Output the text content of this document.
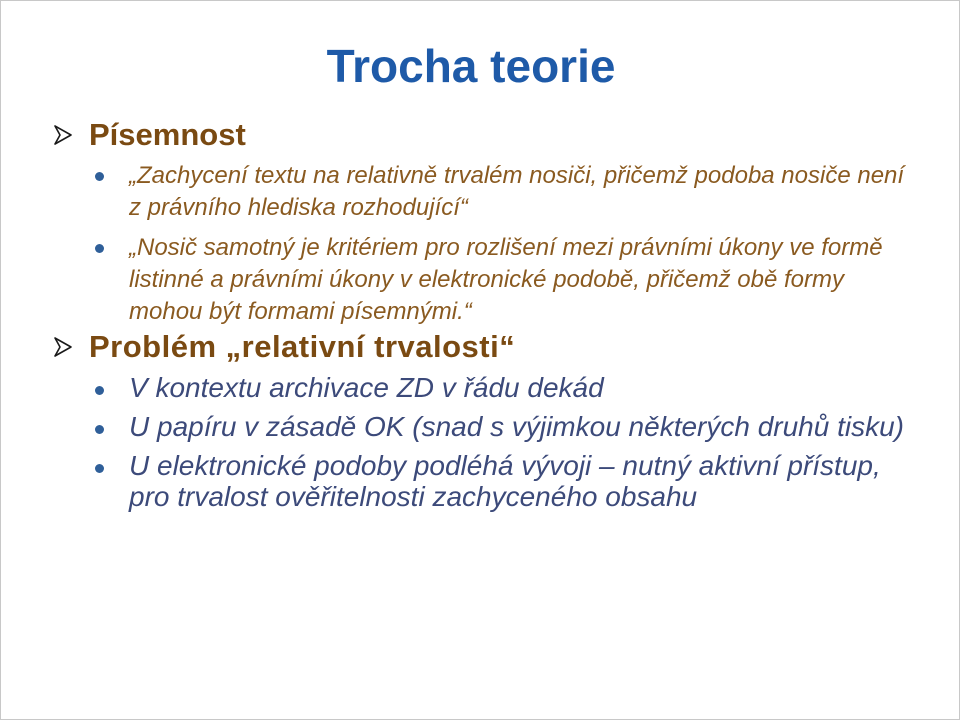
Trocha teorie
Písemnost
„Zachycení textu na relativně trvalém nosiči, přičemž podoba nosiče není z právního hlediska rozhodující“
„Nosič samotný je kritériem pro rozlišení mezi právními úkony ve formě listinné a právními úkony v elektronické podobě, přičemž obě formy mohou být formami písemnými.“
Problém „relativní trvalosti“
V kontextu archivace ZD v řádu dekád
U papíru v zásadě OK (snad s výjimkou některých druhů tisku)
U elektronické podoby podléhá vývoji – nutný aktivní přístup, pro trvalost ověřitelnosti zachyceného obsahu
